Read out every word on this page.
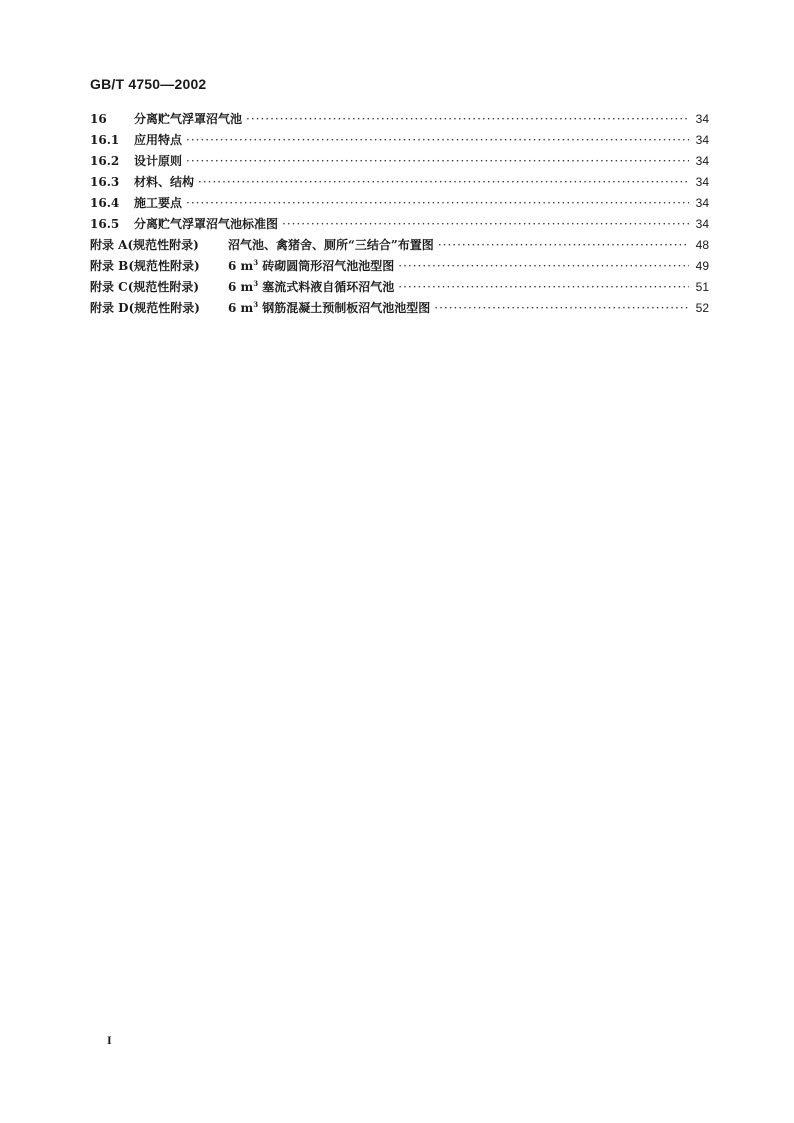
GB/T 4750—2002
16	分离贮气浮罩沼气池 ·····	34
16.1	应用特点 ·····	34
16.2	设计原则 ·····	34
16.3	材料、结构 ·····	34
16.4	施工要点 ·····	34
16.5	分离贮气浮罩沼气池标准图 ·····	34
附录 A(规范性附录)	沼气池、禽猪舍、厕所“三结合”布置图 ·····	48
附录 B(规范性附录)	6 $m^3$ 砖砌圆筒形沼气池池型图 ·····	49
附录 C(规范性附录)	6 $m^3$ 塞流式料液自循环沼气池 ·····	51
附录 D(规范性附录)	6 $m^3$ 钢筋混凝土预制板沼气池池型图 ·····	52
I
